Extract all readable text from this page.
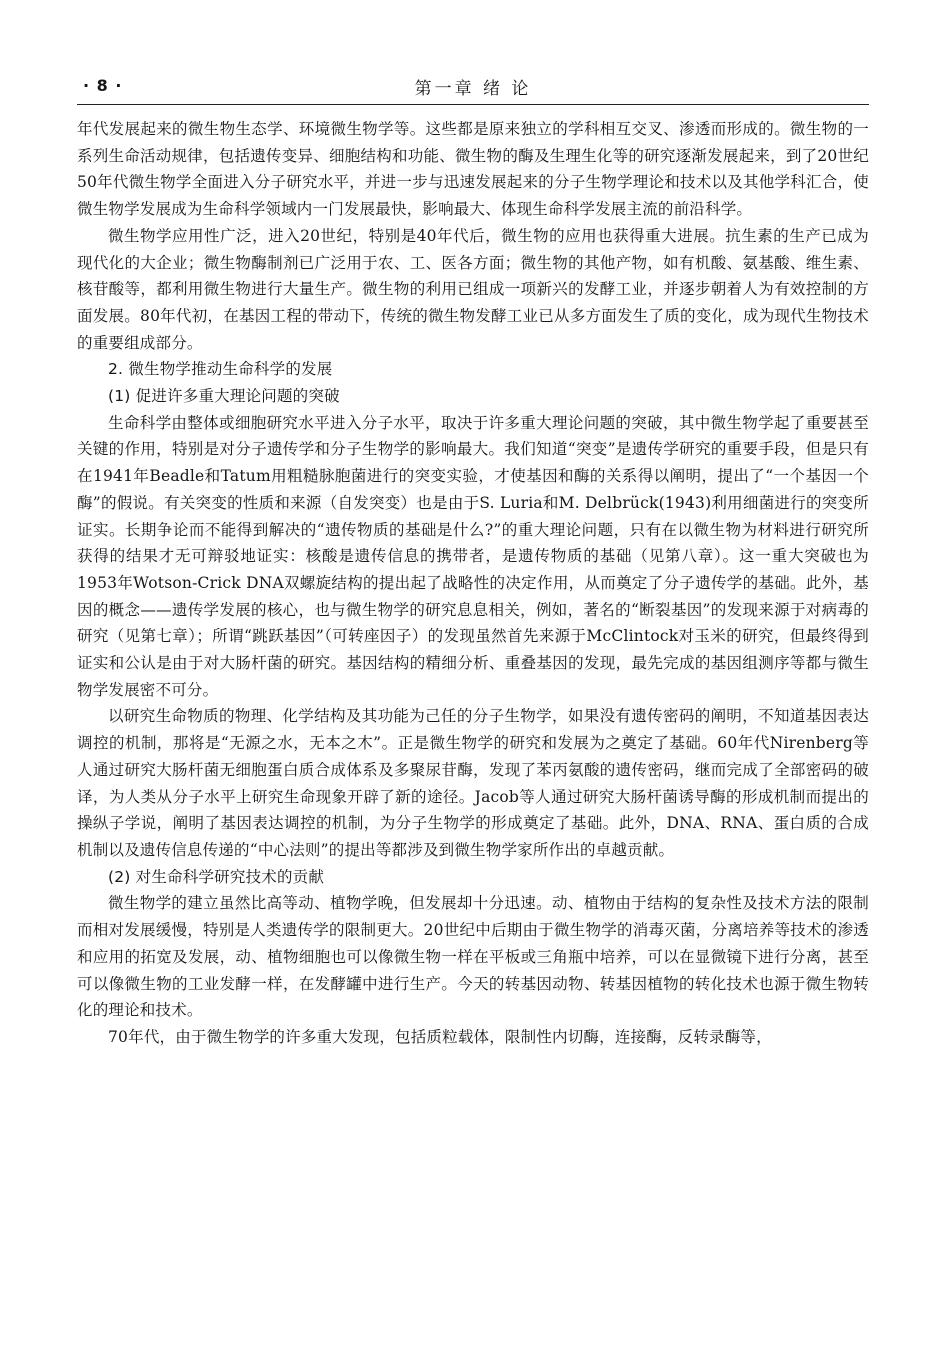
· 8 ·	第一章 绪 论

年代发展起来的微生物生态学、环境微生物学等。这些都是原来独立的学科相互交叉、渗透而形成的。微生物的一系列生命活动规律，包括遗传变异、细胞结构和功能、微生物的酶及生理生化等的研究逐渐发展起来，到了20世纪50年代微生物学全面进入分子研究水平，并进一步与迅速发展起来的分子生物学理论和技术以及其他学科汇合，使微生物学发展成为生命科学领域内一门发展最快，影响最大、体现生命科学发展主流的前沿科学。

微生物学应用性广泛，进入20世纪，特别是40年代后，微生物的应用也获得重大进展。抗生素的生产已成为现代化的大企业；微生物酶制剂已广泛用于农、工、医各方面；微生物的其他产物，如有机酸、氨基酸、维生素、核苷酸等，都利用微生物进行大量生产。微生物的利用已组成一项新兴的发酵工业，并逐步朝着人为有效控制的方面发展。80年代初，在基因工程的带动下，传统的微生物发酵工业已从多方面发生了质的变化，成为现代生物技术的重要组成部分。

2. 微生物学推动生命科学的发展

(1) 促进许多重大理论问题的突破

生命科学由整体或细胞研究水平进入分子水平，取决于许多重大理论问题的突破，其中微生物学起了重要甚至关键的作用，特别是对分子遗传学和分子生物学的影响最大。我们知道“突变”是遗传学研究的重要手段，但是只有在1941年Beadle和Tatum用粗糙脉胞菌进行的突变实验，才使基因和酶的关系得以阐明，提出了“一个基因一个酶”的假说。有关突变的性质和来源（自发突变）也是由于S. Luria和M. Delbrück(1943)利用细菌进行的突变所证实。长期争论而不能得到解决的“遗传物质的基础是什么?”的重大理论问题，只有在以微生物为材料进行研究所获得的结果才无可辩驳地证实：核酸是遗传信息的携带者，是遗传物质的基础（见第八章）。这一重大突破也为1953年Wotson-Crick DNA双螺旋结构的提出起了战略性的决定作用，从而奠定了分子遗传学的基础。此外，基因的概念——遗传学发展的核心，也与微生物学的研究息息相关，例如，著名的“断裂基因”的发现来源于对病毒的研究（见第七章）；所谓“跳跃基因”（可转座因子）的发现虽然首先来源于McClintock对玉米的研究，但最终得到证实和公认是由于对大肠杆菌的研究。基因结构的精细分析、重叠基因的发现，最先完成的基因组测序等都与微生物学发展密不可分。

以研究生命物质的物理、化学结构及其功能为己任的分子生物学，如果没有遗传密码的阐明，不知道基因表达调控的机制，那将是“无源之水，无本之木”。正是微生物学的研究和发展为之奠定了基础。60年代Nirenberg等人通过研究大肠杆菌无细胞蛋白质合成体系及多聚尿苷酶，发现了苯丙氨酸的遗传密码，继而完成了全部密码的破译，为人类从分子水平上研究生命现象开辟了新的途径。Jacob等人通过研究大肠杆菌诱导酶的形成机制而提出的操纵子学说，阐明了基因表达调控的机制，为分子生物学的形成奠定了基础。此外，DNA、RNA、蛋白质的合成机制以及遗传信息传递的“中心法则”的提出等都涉及到微生物学家所作出的卓越贡献。

(2) 对生命科学研究技术的贡献

微生物学的建立虽然比高等动、植物学晚，但发展却十分迅速。动、植物由于结构的复杂性及技术方法的限制而相对发展缓慢，特别是人类遗传学的限制更大。20世纪中后期由于微生物学的消毒灭菌，分离培养等技术的渗透和应用的拓宽及发展，动、植物细胞也可以像微生物一样在平板或三角瓶中培养，可以在显微镜下进行分离，甚至可以像微生物的工业发酵一样，在发酵罐中进行生产。今天的转基因动物、转基因植物的转化技术也源于微生物转化的理论和技术。

70年代，由于微生物学的许多重大发现，包括质粒载体，限制性内切酶，连接酶，反转录酶等，
